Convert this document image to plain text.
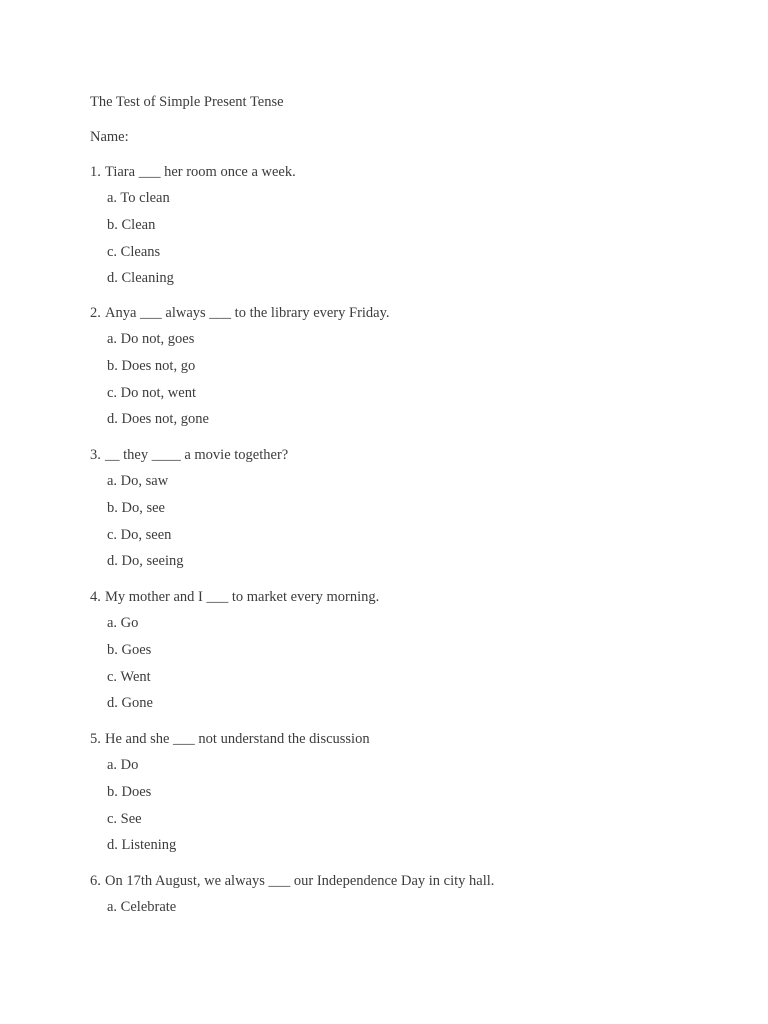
The Test of Simple Present Tense
Name:
1. Tiara ___ her room once a week.
a. To clean
b. Clean
c. Cleans
d. Cleaning
2. Anya ___ always ___ to the library every Friday.
a. Do not, goes
b. Does not, go
c. Do not, went
d. Does not, gone
3. __ they ____ a movie together?
a. Do, saw
b. Do, see
c. Do, seen
d. Do, seeing
4. My mother and I ___ to market every morning.
a. Go
b. Goes
c. Went
d. Gone
5. He and she ___ not understand the discussion
a. Do
b. Does
c. See
d. Listening
6. On 17th August, we always ___ our Independence Day in city hall.
a. Celebrate
